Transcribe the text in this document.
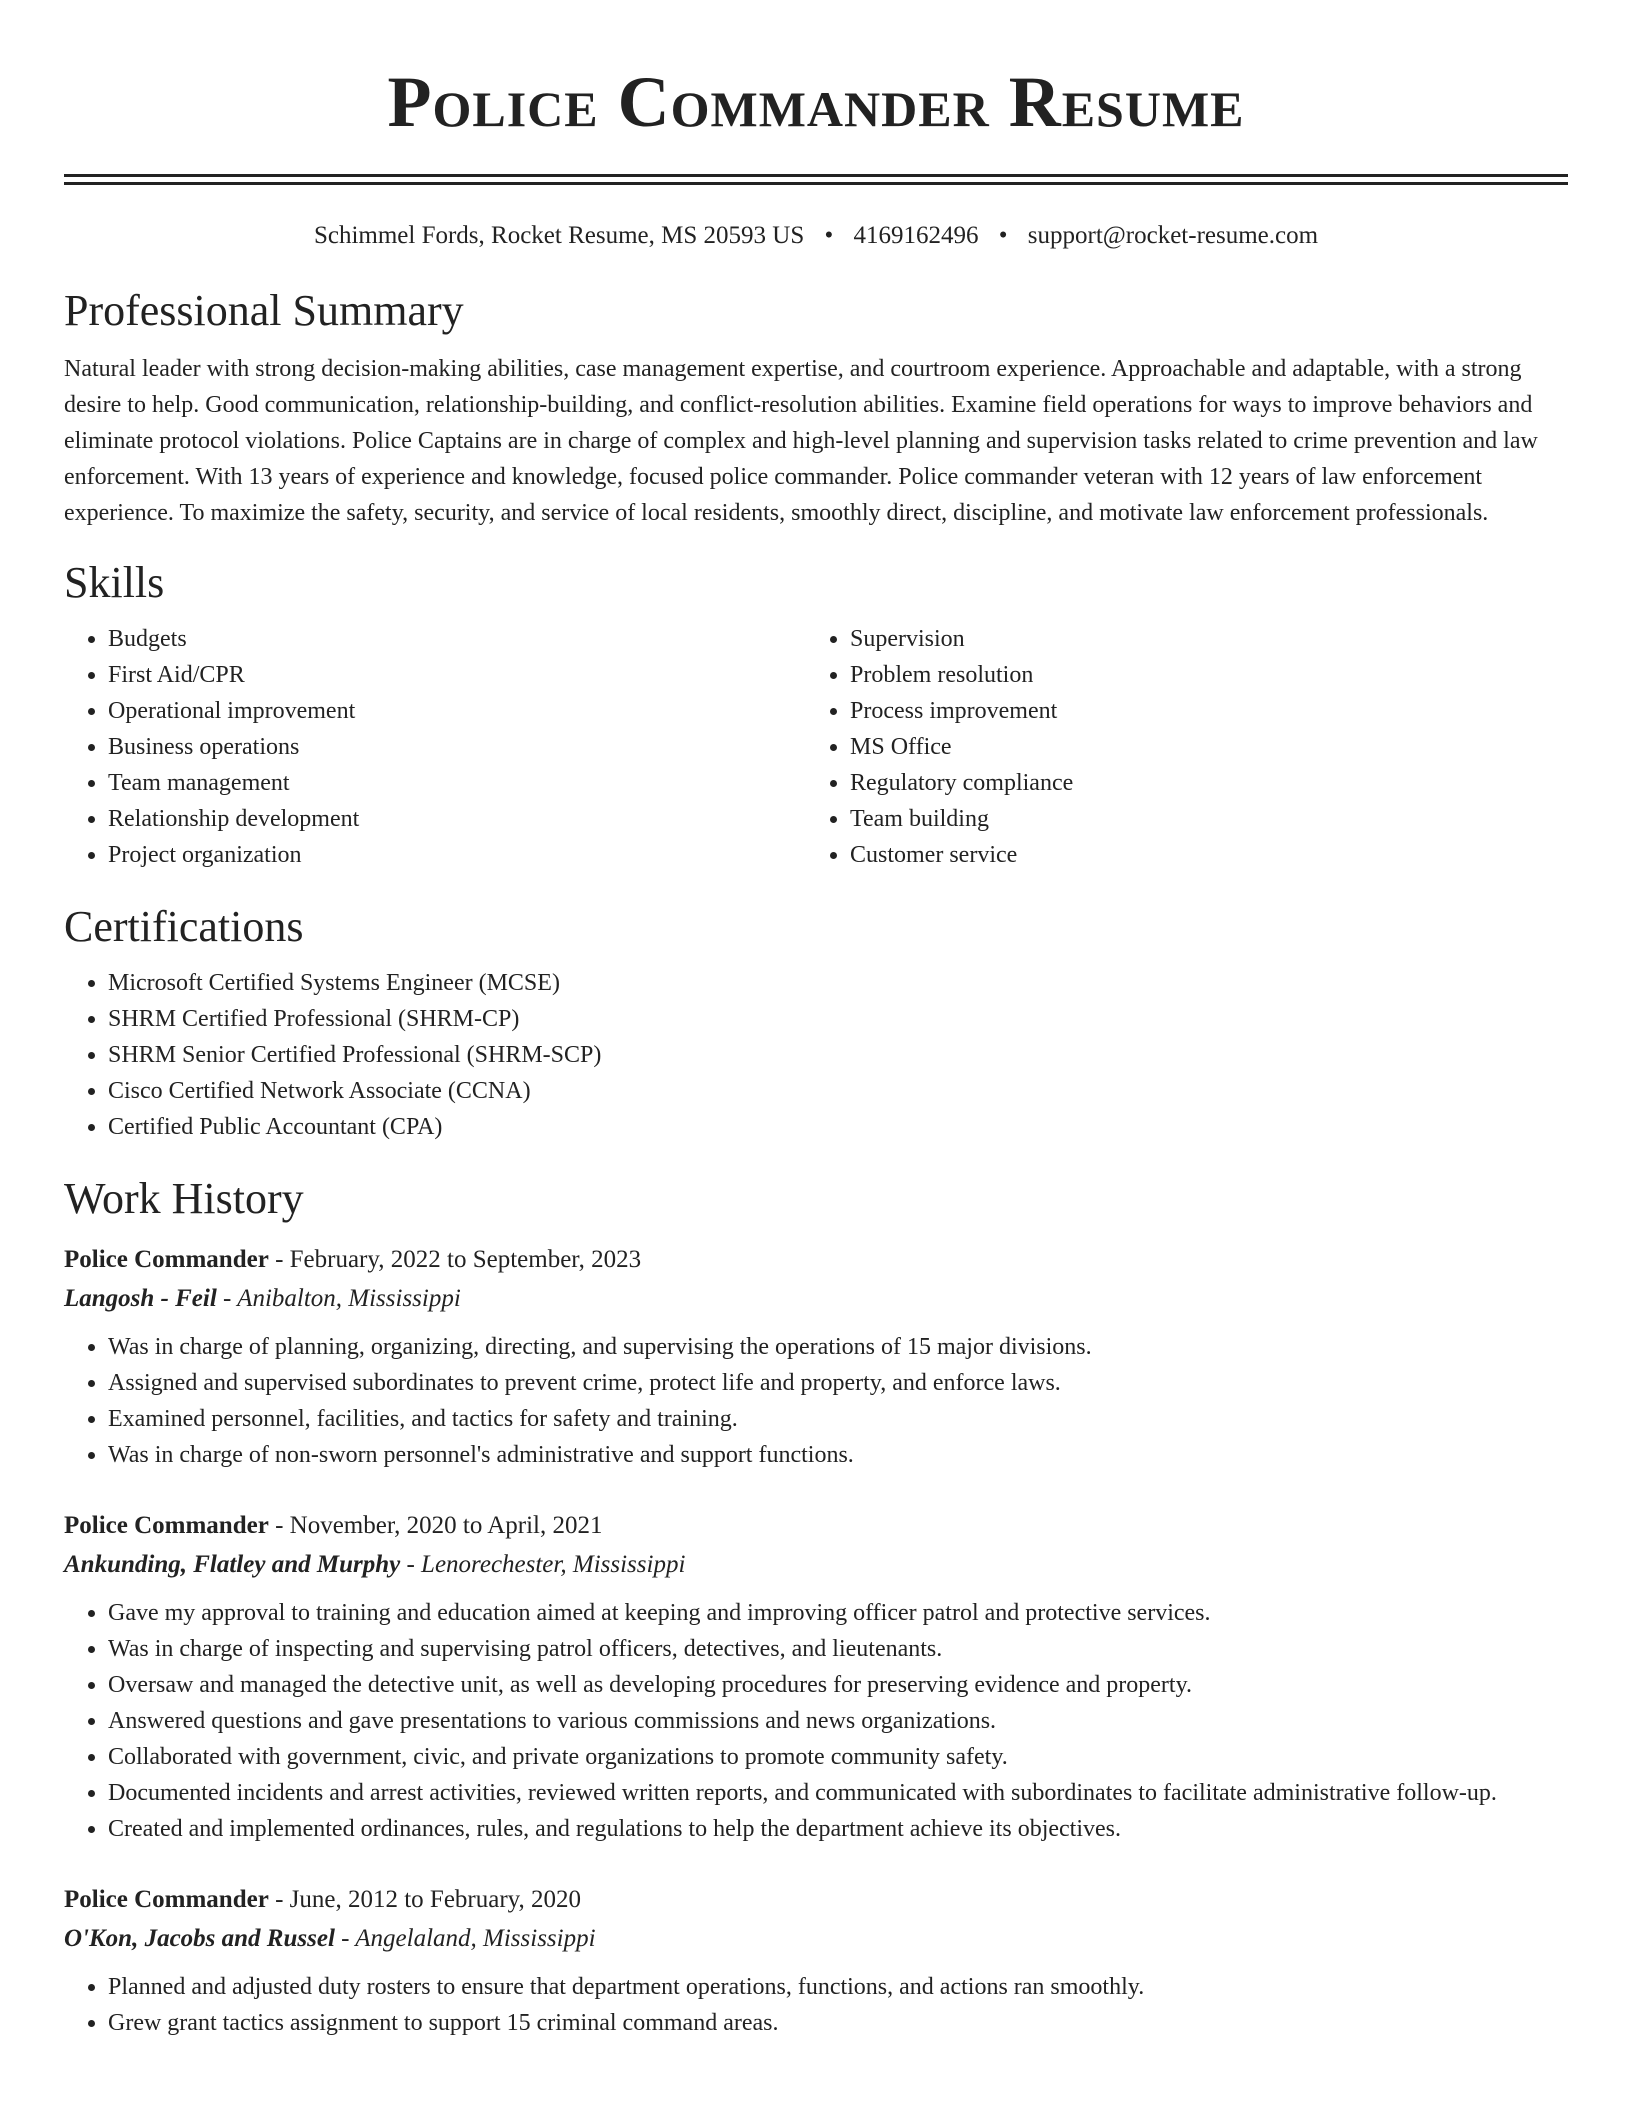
Police Commander Resume
Schimmel Fords, Rocket Resume, MS 20593 US • 4169162496 • support@rocket-resume.com
Professional Summary

Natural leader with strong decision-making abilities, case management expertise, and courtroom experience. Approachable and adaptable, with a strong desire to help. Good communication, relationship-building, and conflict-resolution abilities. Examine field operations for ways to improve behaviors and eliminate protocol violations. Police Captains are in charge of complex and high-level planning and supervision tasks related to crime prevention and law enforcement. With 13 years of experience and knowledge, focused police commander. Police commander veteran with 12 years of law enforcement experience. To maximize the safety, security, and service of local residents, smoothly direct, discipline, and motivate law enforcement professionals.

Skills
• Budgets
• First Aid/CPR
• Operational improvement
• Business operations
• Team management
• Relationship development
• Project organization
• Supervision
• Problem resolution
• Process improvement
• MS Office
• Regulatory compliance
• Team building
• Customer service
Certifications
• Microsoft Certified Systems Engineer (MCSE)
• SHRM Certified Professional (SHRM-CP)
• SHRM Senior Certified Professional (SHRM-SCP)
• Cisco Certified Network Associate (CCNA)
• Certified Public Accountant (CPA)
Work History
Police Commander - February, 2022 to September, 2023
Langosh - Feil - Anibalton, Mississippi
• Was in charge of planning, organizing, directing, and supervising the operations of 15 major divisions.
• Assigned and supervised subordinates to prevent crime, protect life and property, and enforce laws.
• Examined personnel, facilities, and tactics for safety and training.
• Was in charge of non-sworn personnel's administrative and support functions.
Police Commander - November, 2020 to April, 2021
Ankunding, Flatley and Murphy - Lenorechester, Mississippi
• Gave my approval to training and education aimed at keeping and improving officer patrol and protective services.
• Was in charge of inspecting and supervising patrol officers, detectives, and lieutenants.
• Oversaw and managed the detective unit, as well as developing procedures for preserving evidence and property.
• Answered questions and gave presentations to various commissions and news organizations.
• Collaborated with government, civic, and private organizations to promote community safety.
• Documented incidents and arrest activities, reviewed written reports, and communicated with subordinates to facilitate administrative follow-up.
• Created and implemented ordinances, rules, and regulations to help the department achieve its objectives.
Police Commander - June, 2012 to February, 2020
O'Kon, Jacobs and Russel - Angelaland, Mississippi
• Planned and adjusted duty rosters to ensure that department operations, functions, and actions ran smoothly.
• Grew grant tactics assignment to support 15 criminal command areas.
